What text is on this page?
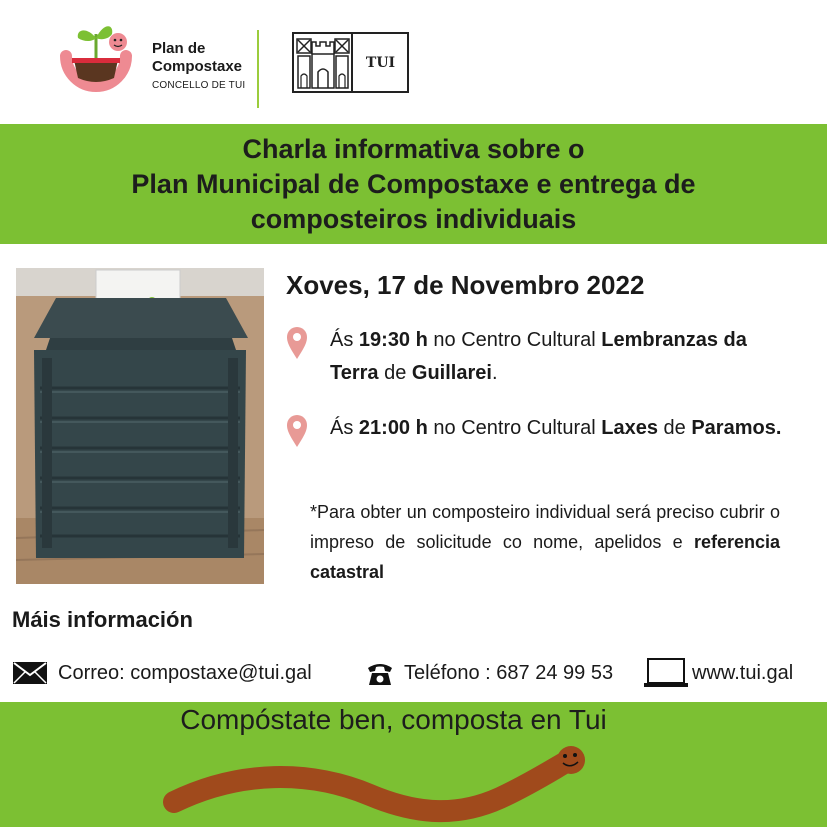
Plan de
Compostaxe
CONCELLO DE TUI
TUI
Charla informativa sobre o
Plan Municipal de Compostaxe e entrega de
composteiros individuais
Xoves, 17 de Novembro 2022
Ás 19:30 h no Centro Cultural Lembranzas da Terra de Guillarei.
Ás 21:00 h no Centro Cultural Laxes de Paramos.
*Para obter un composteiro individual será preciso cubrir o impreso de solicitude co nome, apelidos e referencia catastral
Máis información
Correo: compostaxe@tui.gal	Teléfono : 687 24 99 53	www.tui.gal
Compóstate ben, composta en Tui
